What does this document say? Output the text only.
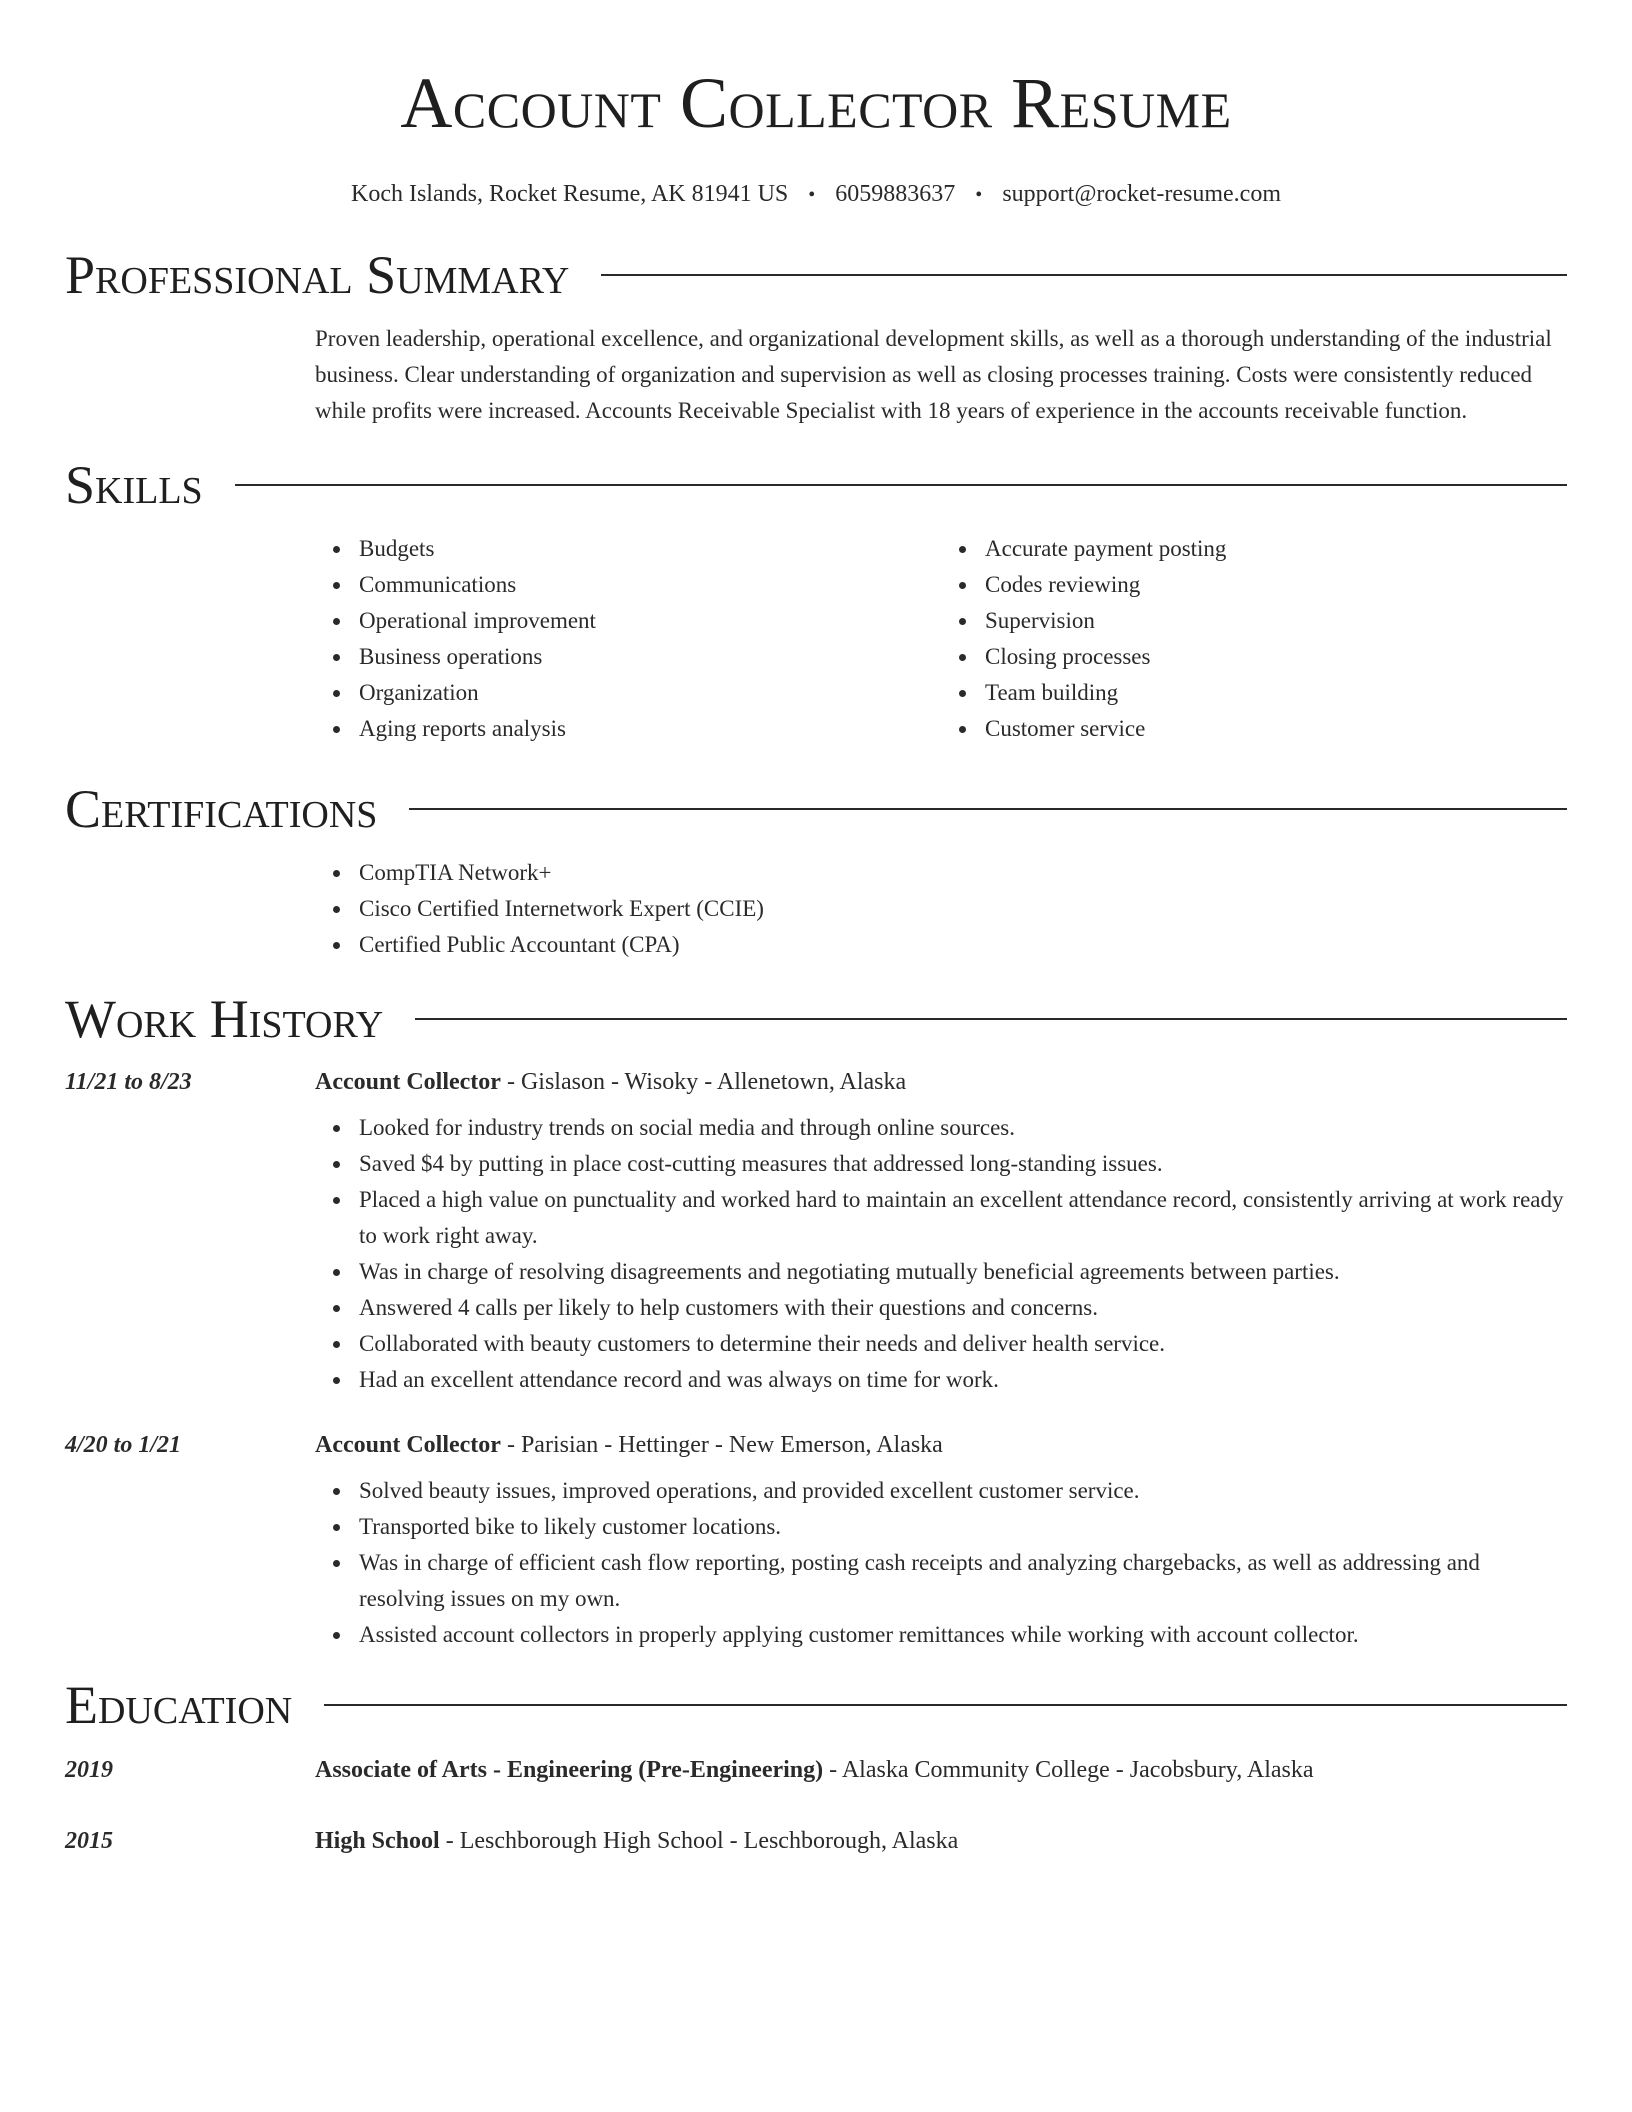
Account Collector Resume
Koch Islands, Rocket Resume, AK 81941 US • 6059883637 • support@rocket-resume.com
Professional Summary
Proven leadership, operational excellence, and organizational development skills, as well as a thorough understanding of the industrial business. Clear understanding of organization and supervision as well as closing processes training. Costs were consistently reduced while profits were increased. Accounts Receivable Specialist with 18 years of experience in the accounts receivable function.
Skills
Budgets
Communications
Operational improvement
Business operations
Organization
Aging reports analysis
Accurate payment posting
Codes reviewing
Supervision
Closing processes
Team building
Customer service
Certifications
CompTIA Network+
Cisco Certified Internetwork Expert (CCIE)
Certified Public Accountant (CPA)
Work History
11/21 to 8/23	Account Collector - Gislason - Wisoky - Allenetown, Alaska
Looked for industry trends on social media and through online sources.
Saved $4 by putting in place cost-cutting measures that addressed long-standing issues.
Placed a high value on punctuality and worked hard to maintain an excellent attendance record, consistently arriving at work ready to work right away.
Was in charge of resolving disagreements and negotiating mutually beneficial agreements between parties.
Answered 4 calls per likely to help customers with their questions and concerns.
Collaborated with beauty customers to determine their needs and deliver health service.
Had an excellent attendance record and was always on time for work.
4/20 to 1/21	Account Collector - Parisian - Hettinger - New Emerson, Alaska
Solved beauty issues, improved operations, and provided excellent customer service.
Transported bike to likely customer locations.
Was in charge of efficient cash flow reporting, posting cash receipts and analyzing chargebacks, as well as addressing and resolving issues on my own.
Assisted account collectors in properly applying customer remittances while working with account collector.
Education
2019	Associate of Arts - Engineering (Pre-Engineering) - Alaska Community College - Jacobsbury, Alaska
2015	High School - Leschborough High School - Leschborough, Alaska
